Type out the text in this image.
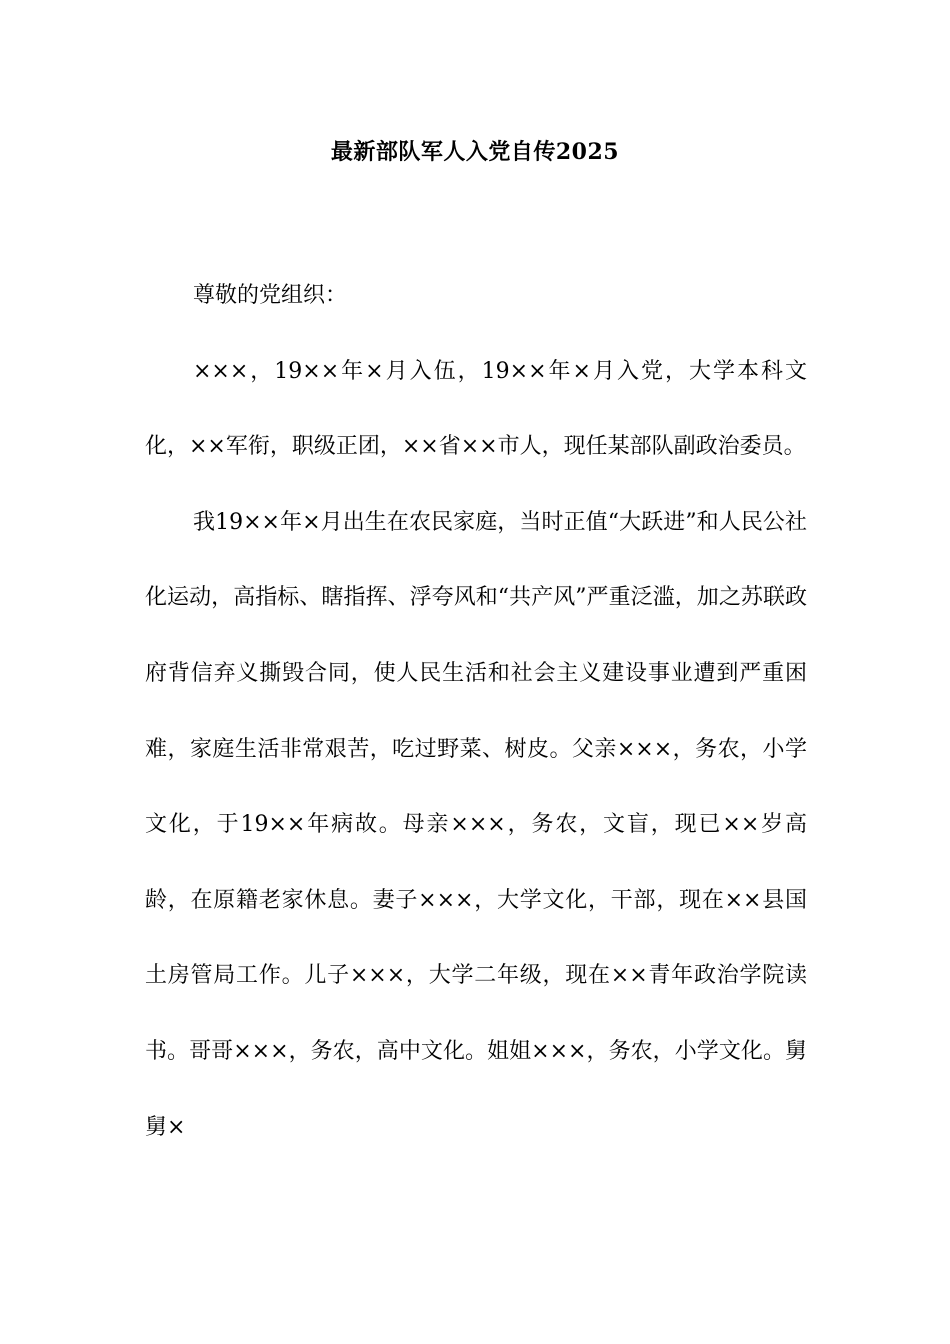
最新部队军人入党自传2025

尊敬的党组织：

×××，19××年×月入伍，19××年×月入党，大学本科文化，××军衔，职级正团，××省××市人，现任某部队副政治委员。

我19××年×月出生在农民家庭，当时正值“大跃进”和人民公社化运动，高指标、瞎指挥、浮夸风和“共产风”严重泛滥，加之苏联政府背信弃义撕毁合同，使人民生活和社会主义建设事业遭到严重困难，家庭生活非常艰苦，吃过野菜、树皮。父亲×××，务农，小学文化，于19××年病故。母亲×××，务农，文盲，现已××岁高龄，在原籍老家休息。妻子×××，大学文化，干部，现在××县国土房管局工作。儿子×××，大学二年级，现在××青年政治学院读书。哥哥×××，务农，高中文化。姐姐×××，务农，小学文化。舅舅×
